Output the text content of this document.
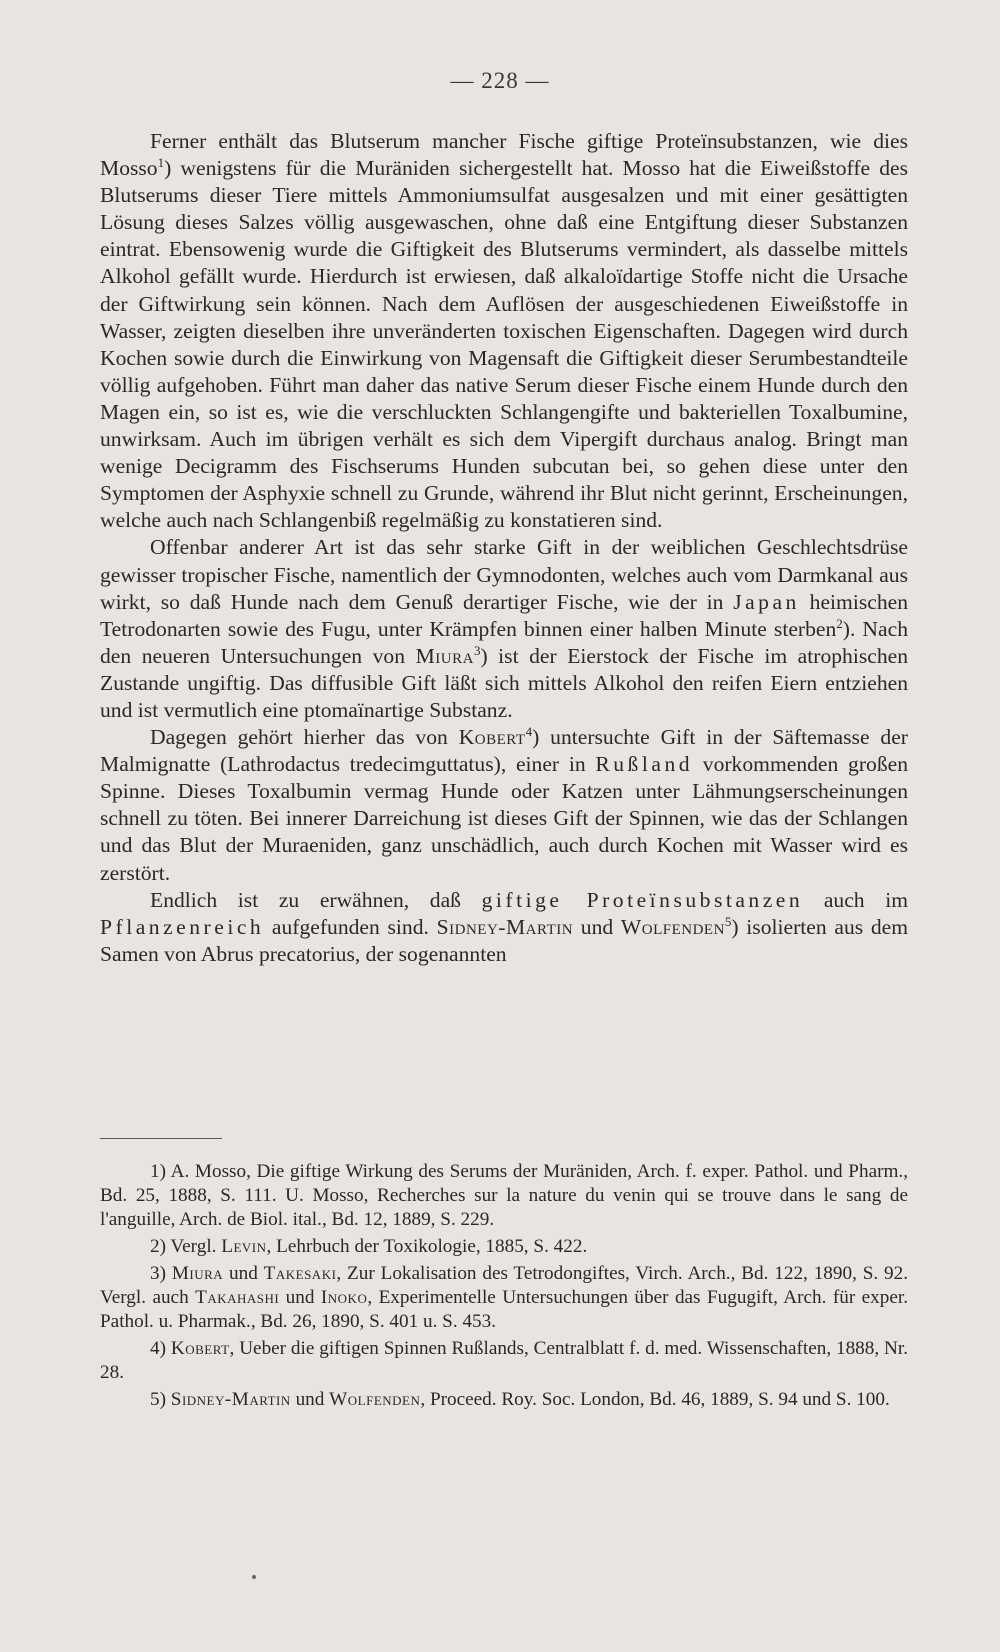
— 228 —

Ferner enthält das Blutserum mancher Fische giftige Proteïnsubstanzen, wie dies Mosso$^1$) wenigstens für die Muräniden sichergestellt hat. Mosso hat die Eiweißstoffe des Blutserums dieser Tiere mittels Ammoniumsulfat ausgesalzen und mit einer gesättigten Lösung dieses Salzes völlig ausgewaschen, ohne daß eine Entgiftung dieser Substanzen eintrat. Ebensowenig wurde die Giftigkeit des Blutserums vermindert, als dasselbe mittels Alkohol gefällt wurde. Hierdurch ist erwiesen, daß alkaloïdartige Stoffe nicht die Ursache der Giftwirkung sein können. Nach dem Auflösen der ausgeschiedenen Eiweißstoffe in Wasser, zeigten dieselben ihre unveränderten toxischen Eigenschaften. Dagegen wird durch Kochen sowie durch die Einwirkung von Magensaft die Giftigkeit dieser Serumbestandteile völlig aufgehoben. Führt man daher das native Serum dieser Fische einem Hunde durch den Magen ein, so ist es, wie die verschluckten Schlangengifte und bakteriellen Toxalbumine, unwirksam. Auch im übrigen verhält es sich dem Vipergift durchaus analog. Bringt man wenige Decigramm des Fischserums Hunden subcutan bei, so gehen diese unter den Symptomen der Asphyxie schnell zu Grunde, während ihr Blut nicht gerinnt, Erscheinungen, welche auch nach Schlangenbiß regelmäßig zu konstatieren sind.

Offenbar anderer Art ist das sehr starke Gift in der weiblichen Geschlechtsdrüse gewisser tropischer Fische, namentlich der Gymnodonten, welches auch vom Darmkanal aus wirkt, so daß Hunde nach dem Genuß derartiger Fische, wie der in Japan heimischen Tetrodonarten sowie des Fugu, unter Krämpfen binnen einer halben Minute sterben$^2$). Nach den neueren Untersuchungen von Miura$^3$) ist der Eierstock der Fische im atrophischen Zustande ungiftig. Das diffusible Gift läßt sich mittels Alkohol den reifen Eiern entziehen und ist vermutlich eine ptomaïnartige Substanz.

Dagegen gehört hierher das von Kobert$^4$) untersuchte Gift in der Säftemasse der Malmignatte (Lathrodactus tredecimguttatus), einer in Rußland vorkommenden großen Spinne. Dieses Toxalbumin vermag Hunde oder Katzen unter Lähmungserscheinungen schnell zu töten. Bei innerer Darreichung ist dieses Gift der Spinnen, wie das der Schlangen und das Blut der Muraeniden, ganz unschädlich, auch durch Kochen mit Wasser wird es zerstört.

Endlich ist zu erwähnen, daß giftige Proteïnsubstanzen auch im Pflanzenreich aufgefunden sind. Sidney-Martin und Wolfenden$^5$) isolierten aus dem Samen von Abrus precatorius, der sogenannten

1) A. Mosso, Die giftige Wirkung des Serums der Muräniden, Arch. f. exper. Pathol. und Pharm., Bd. 25, 1888, S. 111. U. Mosso, Recherches sur la nature du venin qui se trouve dans le sang de l'anguille, Arch. de Biol. ital., Bd. 12, 1889, S. 229.

2) Vergl. Levin, Lehrbuch der Toxikologie, 1885, S. 422.

3) Miura und Takesaki, Zur Lokalisation des Tetrodongiftes, Virch. Arch., Bd. 122, 1890, S. 92. Vergl. auch Takahashi und Inoko, Experimentelle Untersuchungen über das Fugugift, Arch. für exper. Pathol. u. Pharmak., Bd. 26, 1890, S. 401 u. S. 453.

4) Kobert, Ueber die giftigen Spinnen Rußlands, Centralblatt f. d. med. Wissenschaften, 1888, Nr. 28.

5) Sidney-Martin und Wolfenden, Proceed. Roy. Soc. London, Bd. 46, 1889, S. 94 und S. 100.
